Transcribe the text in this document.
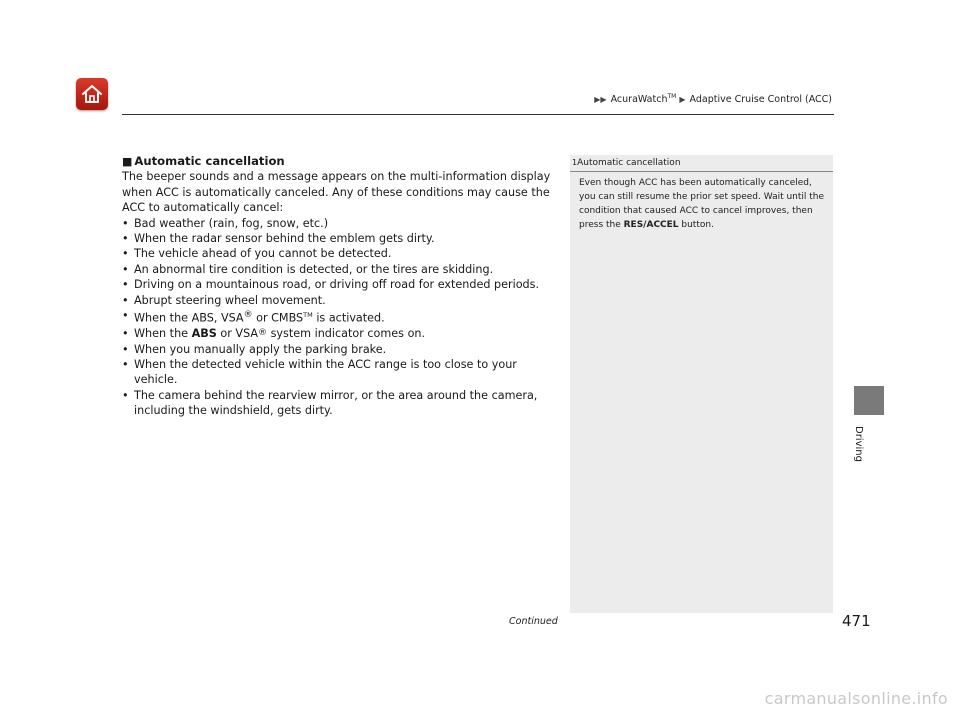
▶▶ AcuraWatch™ ▶ Adaptive Cruise Control (ACC)
■ Automatic cancellation

The beeper sounds and a message appears on the multi-information display when ACC is automatically canceled. Any of these conditions may cause the ACC to automatically cancel:

• Bad weather (rain, fog, snow, etc.)
• When the radar sensor behind the emblem gets dirty.
• The vehicle ahead of you cannot be detected.
• An abnormal tire condition is detected, or the tires are skidding.
• Driving on a mountainous road, or driving off road for extended periods.
• Abrupt steering wheel movement.
• When the ABS, VSA® or CMBS™ is activated.
• When the ABS or VSA® system indicator comes on.
• When you manually apply the parking brake.
• When the detected vehicle within the ACC range is too close to your vehicle.
• The camera behind the rearview mirror, or the area around the camera, including the windshield, gets dirty.
1Automatic cancellation
Even though ACC has been automatically canceled, you can still resume the prior set speed. Wait until the condition that caused ACC to cancel improves, then press the RES/ACCEL button.
Driving
Continued	471
carmanualsonline.info
